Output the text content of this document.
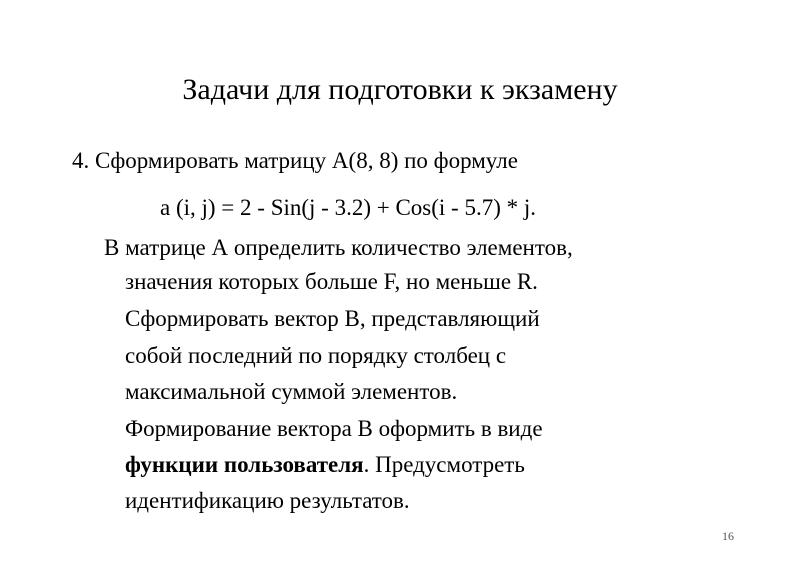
Задачи для подготовки к экзамену
4. Сформировать матрицу А(8, 8) по формуле
a (i, j) = 2 - Sin(j - 3.2) + Cos(i - 5.7) * j.
В матрице А определить количество элементов,
значения которых больше F, но меньше R.
Сформировать вектор В, представляющий
собой последний по порядку столбец с
максимальной суммой элементов.
Формирование вектора В оформить в виде
функции пользователя. Предусмотреть
идентификацию результатов.
16
